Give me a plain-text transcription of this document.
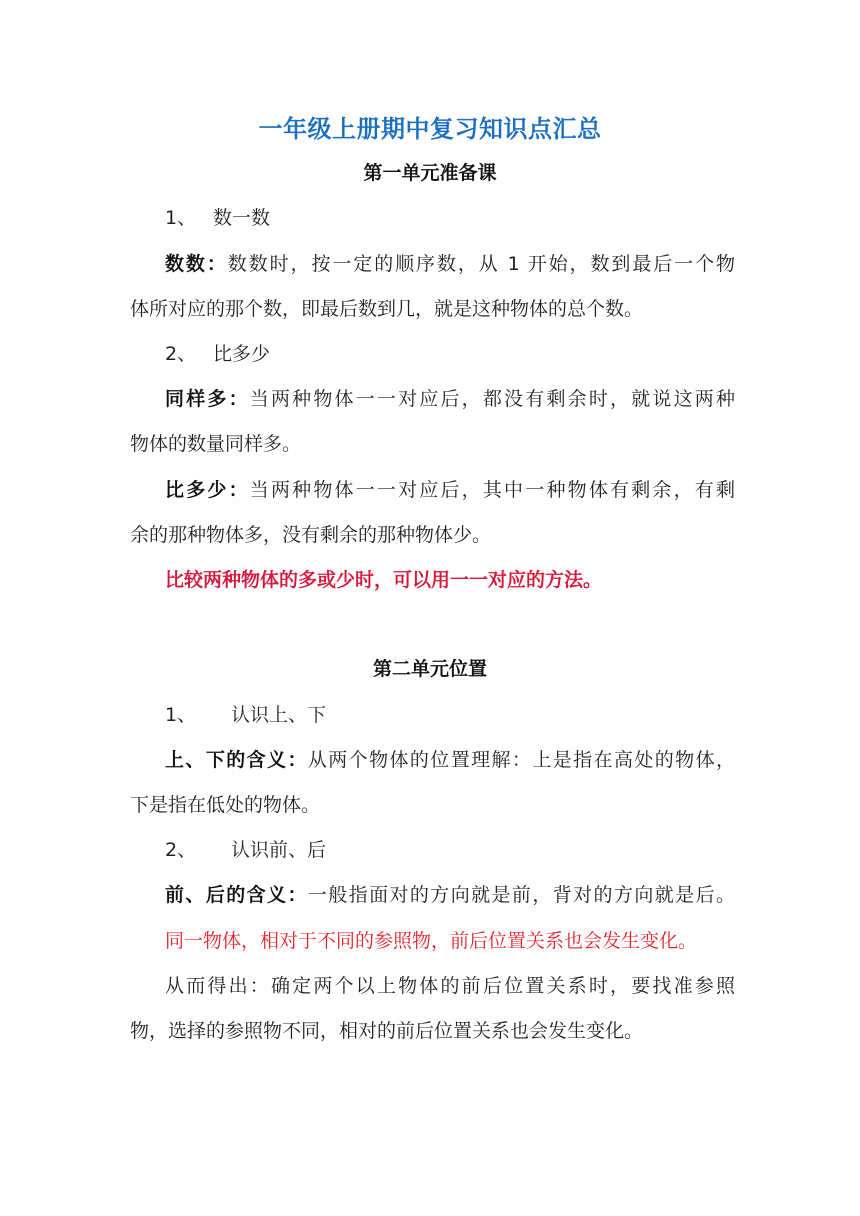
一年级上册期中复习知识点汇总
第一单元准备课
1、 数一数
数数：数数时，按一定的顺序数，从 1 开始，数到最后一个物
体所对应的那个数，即最后数到几，就是这种物体的总个数。
2、 比多少
同样多：当两种物体一一对应后，都没有剩余时，就说这两种
物体的数量同样多。
比多少：当两种物体一一对应后，其中一种物体有剩余，有剩
余的那种物体多，没有剩余的那种物体少。
比较两种物体的多或少时，可以用一一对应的方法。
第二单元位置
1、 认识上、下
上、下的含义：从两个物体的位置理解：上是指在高处的物体，
下是指在低处的物体。
2、 认识前、后
前、后的含义：一般指面对的方向就是前，背对的方向就是后。
同一物体，相对于不同的参照物，前后位置关系也会发生变化。
从而得出：确定两个以上物体的前后位置关系时，要找准参照
物，选择的参照物不同，相对的前后位置关系也会发生变化。
